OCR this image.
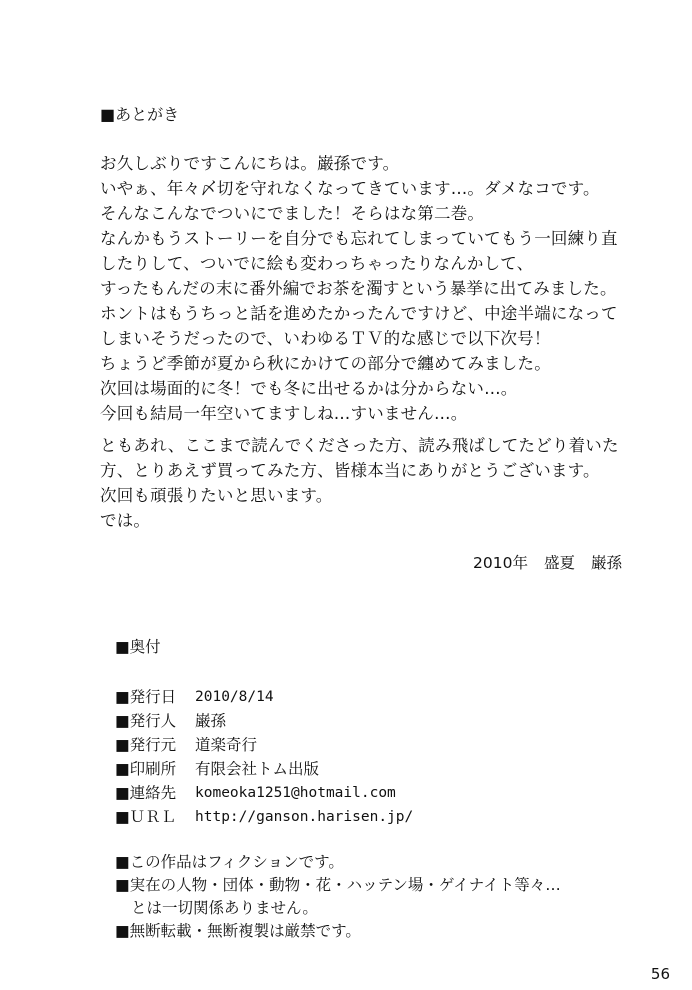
■あとがき
お久しぶりですこんにちは。巌孫です。
いやぁ、年々〆切を守れなくなってきています…。ダメなコです。
そんなこんなでついにでました！そらはな第二巻。
なんかもうストーリーを自分でも忘れてしまっていてもう一回練り直
したりして、ついでに絵も変わっちゃったりなんかして、
すったもんだの末に番外編でお茶を濁すという暴挙に出てみました。
ホントはもうちっと話を進めたかったんですけど、中途半端になって
しまいそうだったので、いわゆるＴＶ的な感じで以下次号！
ちょうど季節が夏から秋にかけての部分で纏めてみました。
次回は場面的に冬！でも冬に出せるかは分からない…。
今回も結局一年空いてますしね…すいません…。
ともあれ、ここまで読んでくださった方、読み飛ばしてたどり着いた
方、とりあえず買ってみた方、皆様本当にありがとうございます。
次回も頑張りたいと思います。
では。
2010年 盛夏 巌孫
■奥付
■発行日	2010/8/14
■発行人	巌孫
■発行元	道楽奇行
■印刷所	有限会社トム出版
■連絡先	komeoka1251@hotmail.com
■ＵＲＬ	http://ganson.harisen.jp/
■この作品はフィクションです。
■実在の人物・団体・動物・花・ハッテン場・ゲイナイト等々…
とは一切関係ありません。
■無断転載・無断複製は厳禁です。
56
